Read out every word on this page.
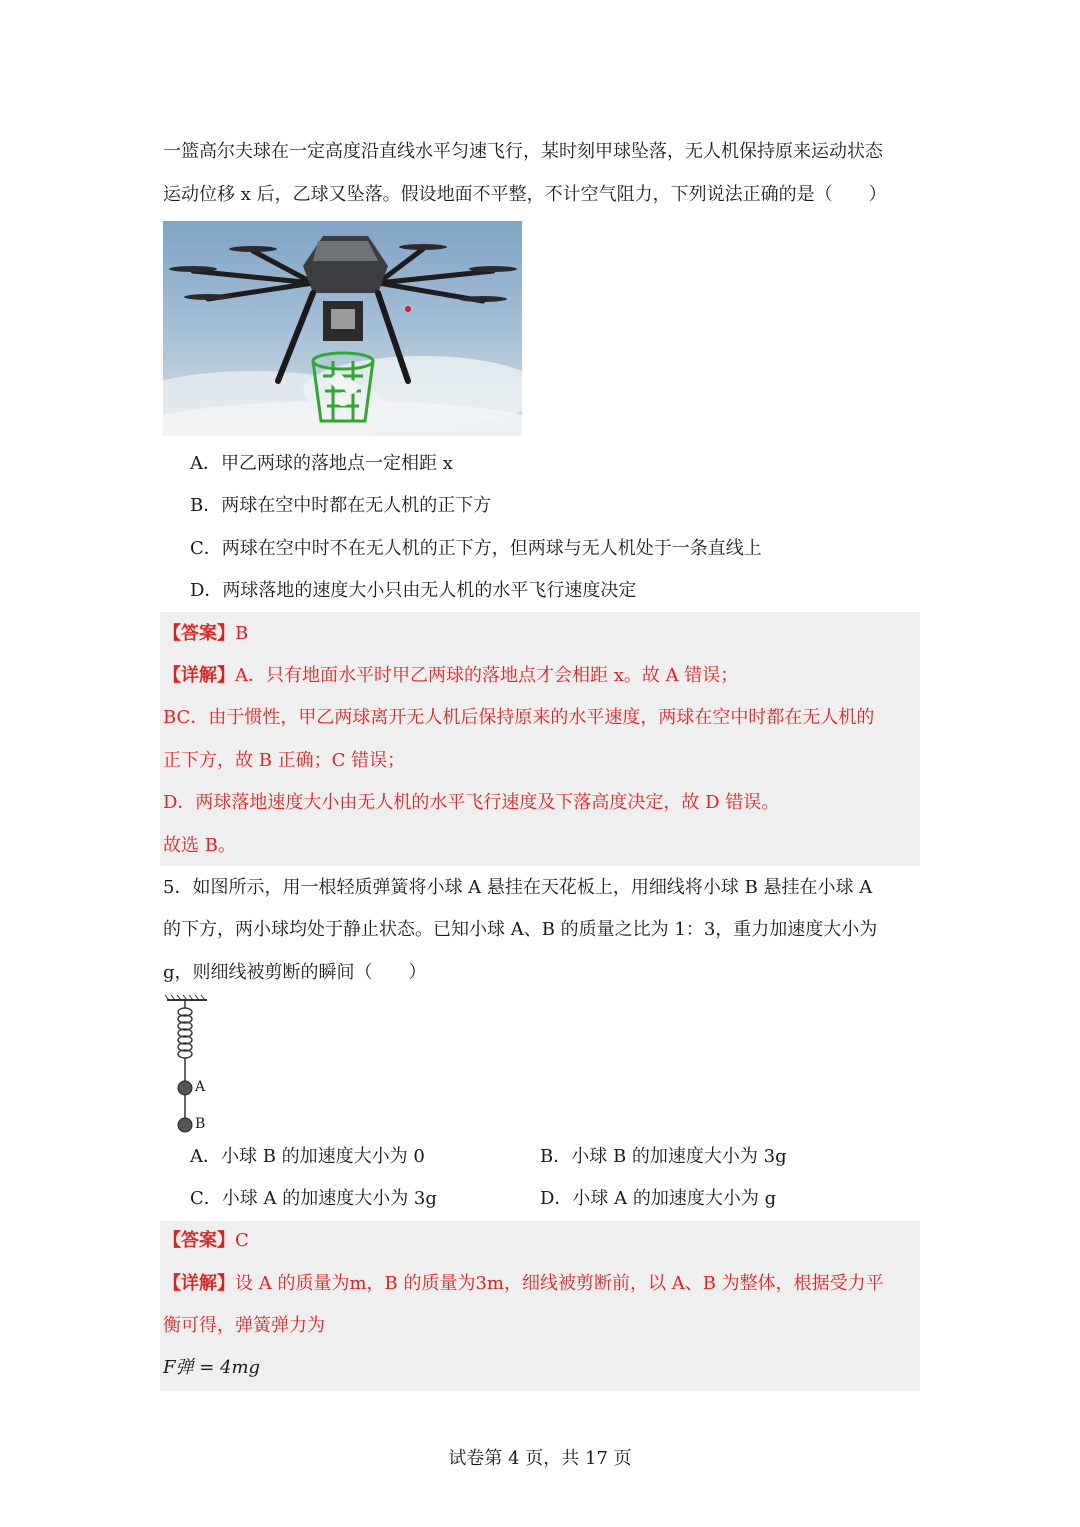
一篮高尔夫球在一定高度沿直线水平匀速飞行，某时刻甲球坠落，无人机保持原来运动状态
运动位移 x 后，乙球又坠落。假设地面不平整，不计空气阻力，下列说法正确的是（　　）
A．甲乙两球的落地点一定相距 x
B．两球在空中时都在无人机的正下方
C．两球在空中时不在无人机的正下方，但两球与无人机处于一条直线上
D．两球落地的速度大小只由无人机的水平飞行速度决定
【答案】B
【详解】A．只有地面水平时甲乙两球的落地点才会相距 x。故 A 错误；
BC．由于惯性，甲乙两球离开无人机后保持原来的水平速度，两球在空中时都在无人机的
正下方，故 B 正确；C 错误；
D．两球落地速度大小由无人机的水平飞行速度及下落高度决定，故 D 错误。
故选 B。
5．如图所示，用一根轻质弹簧将小球 A 悬挂在天花板上，用细线将小球 B 悬挂在小球 A
的下方，两小球均处于静止状态。已知小球 A、B 的质量之比为 1：3，重力加速度大小为
g，则细线被剪断的瞬间（　　）
A
B
A．小球 B 的加速度大小为 0	B．小球 B 的加速度大小为 3g
C．小球 A 的加速度大小为 3g	D．小球 A 的加速度大小为 g
【答案】C
【详解】设 A 的质量为m，B 的质量为3m，细线被剪断前，以 A、B 为整体，根据受力平
衡可得，弹簧弹力为
F弹 = 4mg
试卷第 4 页，共 17 页
